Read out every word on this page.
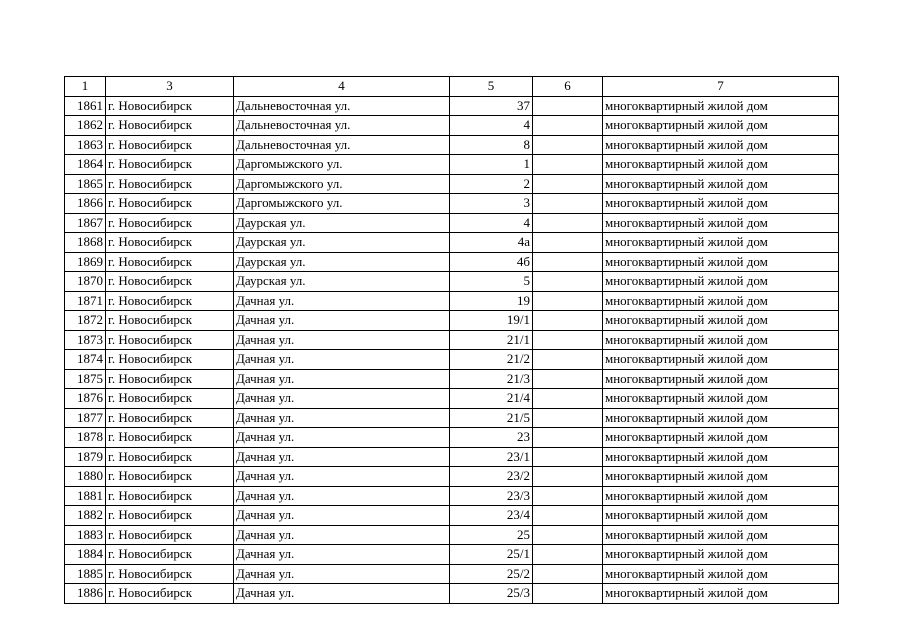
1	3	4	5	6	7
1861	г. Новосибирск	Дальневосточная ул.	37		многоквартирный жилой дом
1862	г. Новосибирск	Дальневосточная ул.	4		многоквартирный жилой дом
1863	г. Новосибирск	Дальневосточная ул.	8		многоквартирный жилой дом
1864	г. Новосибирск	Даргомыжского ул.	1		многоквартирный жилой дом
1865	г. Новосибирск	Даргомыжского ул.	2		многоквартирный жилой дом
1866	г. Новосибирск	Даргомыжского ул.	3		многоквартирный жилой дом
1867	г. Новосибирск	Даурская ул.	4		многоквартирный жилой дом
1868	г. Новосибирск	Даурская ул.	4а		многоквартирный жилой дом
1869	г. Новосибирск	Даурская ул.	4б		многоквартирный жилой дом
1870	г. Новосибирск	Даурская ул.	5		многоквартирный жилой дом
1871	г. Новосибирск	Дачная ул.	19		многоквартирный жилой дом
1872	г. Новосибирск	Дачная ул.	19/1		многоквартирный жилой дом
1873	г. Новосибирск	Дачная ул.	21/1		многоквартирный жилой дом
1874	г. Новосибирск	Дачная ул.	21/2		многоквартирный жилой дом
1875	г. Новосибирск	Дачная ул.	21/3		многоквартирный жилой дом
1876	г. Новосибирск	Дачная ул.	21/4		многоквартирный жилой дом
1877	г. Новосибирск	Дачная ул.	21/5		многоквартирный жилой дом
1878	г. Новосибирск	Дачная ул.	23		многоквартирный жилой дом
1879	г. Новосибирск	Дачная ул.	23/1		многоквартирный жилой дом
1880	г. Новосибирск	Дачная ул.	23/2		многоквартирный жилой дом
1881	г. Новосибирск	Дачная ул.	23/3		многоквартирный жилой дом
1882	г. Новосибирск	Дачная ул.	23/4		многоквартирный жилой дом
1883	г. Новосибирск	Дачная ул.	25		многоквартирный жилой дом
1884	г. Новосибирск	Дачная ул.	25/1		многоквартирный жилой дом
1885	г. Новосибирск	Дачная ул.	25/2		многоквартирный жилой дом
1886	г. Новосибирск	Дачная ул.	25/3		многоквартирный жилой дом
